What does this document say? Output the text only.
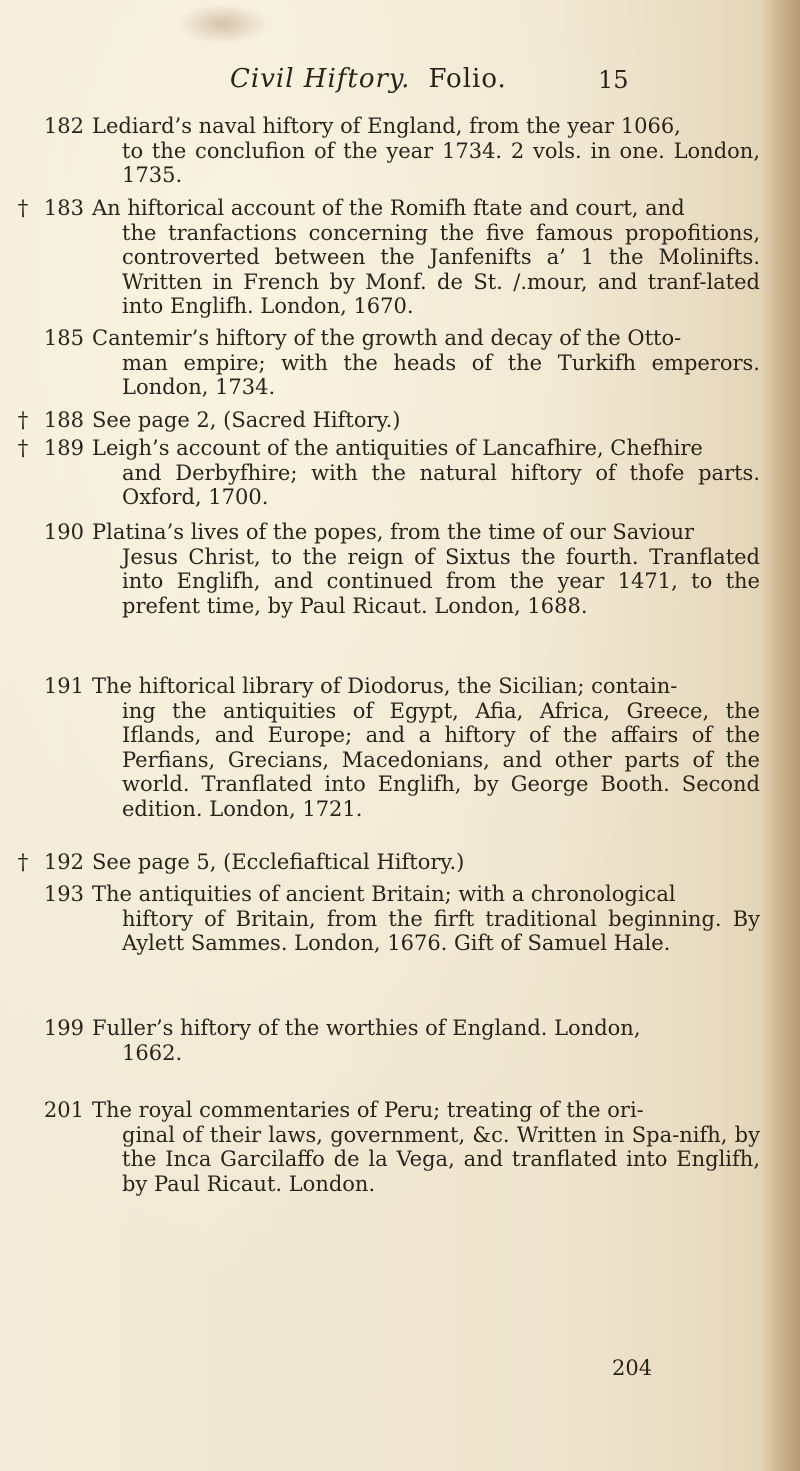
Civil Hiftory. Folio.	15
182 Lediard’s naval hiftory of England, from the year 1066,
to the conclufion of the year 1734. 2 vols. in one. London, 1735.
† 183 An hiftorical account of the Romifh ftate and court, and
the tranfactions concerning the five famous propofitions, controverted between the Janfenifts a’ 1 the Molinifts. Written in French by Monf. de St. /.mour, and tranf-lated into Englifh. London, 1670.
185 Cantemir’s hiftory of the growth and decay of the Otto-
man empire; with the heads of the Turkifh emperors. London, 1734.
† 188 See page 2, (Sacred Hiftory.)
† 189 Leigh’s account of the antiquities of Lancafhire, Chefhire
and Derbyfhire; with the natural hiftory of thofe parts. Oxford, 1700.
190 Platina’s lives of the popes, from the time of our Saviour
Jesus Christ, to the reign of Sixtus the fourth. Tranflated into Englifh, and continued from the year 1471, to the prefent time, by Paul Ricaut. London, 1688.
191 The hiftorical library of Diodorus, the Sicilian; contain-
ing the antiquities of Egypt, Afia, Africa, Greece, the Iflands, and Europe; and a hiftory of the affairs of the Perfians, Grecians, Macedonians, and other parts of the world. Tranflated into Englifh, by George Booth. Second edition. London, 1721.
† 192 See page 5, (Ecclefiaftical Hiftory.)
193 The antiquities of ancient Britain; with a chronological
hiftory of Britain, from the firft traditional beginning. By Aylett Sammes. London, 1676. Gift of Samuel Hale.
199 Fuller’s hiftory of the worthies of England. London,
1662.
201 The royal commentaries of Peru; treating of the ori-
ginal of their laws, government, &c. Written in Spa-nifh, by the Inca Garcilaffo de la Vega, and tranflated into Englifh, by Paul Ricaut. London.
204
